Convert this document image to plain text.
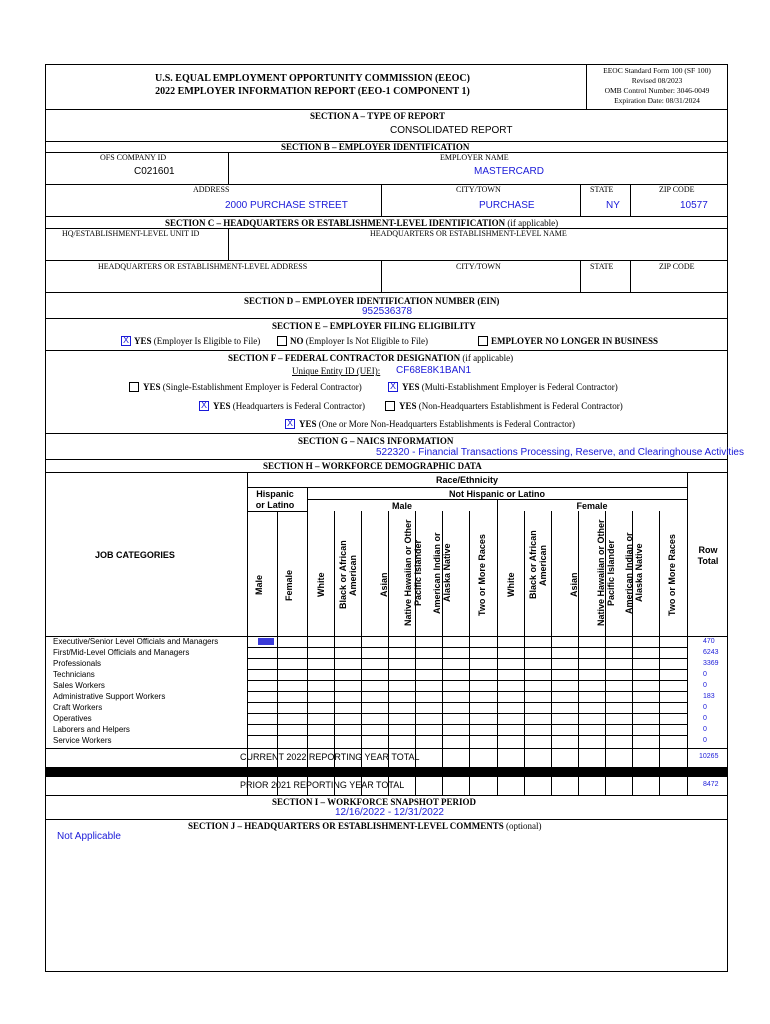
U.S. EQUAL EMPLOYMENT OPPORTUNITY COMMISSION (EEOC)
2022 EMPLOYER INFORMATION REPORT (EEO-1 COMPONENT 1)
EEOC Standard Form 100 (SF 100)
Revised 08/2023
OMB Control Number: 3046-0049
Expiration Date: 08/31/2024
SECTION A – TYPE OF REPORT
CONSOLIDATED REPORT
SECTION B – EMPLOYER IDENTIFICATION
OFS COMPANY ID
C021601
EMPLOYER NAME
MASTERCARD
ADDRESS
2000 PURCHASE STREET
CITY/TOWN
PURCHASE
STATE
NY
ZIP CODE
10577
SECTION C – HEADQUARTERS OR ESTABLISHMENT-LEVEL IDENTIFICATION (if applicable)
HQ/ESTABLISHMENT-LEVEL UNIT ID	HEADQUARTERS OR ESTABLISHMENT-LEVEL NAME
HEADQUARTERS OR ESTABLISHMENT-LEVEL ADDRESS	CITY/TOWN	STATE	ZIP CODE
SECTION D – EMPLOYER IDENTIFICATION NUMBER (EIN)
952536378
SECTION E – EMPLOYER FILING ELIGIBILITY
X
YES (Employer Is Eligible to File)	NO (Employer Is Not Eligible to File)	EMPLOYER NO LONGER IN BUSINESS
SECTION F – FEDERAL CONTRACTOR DESIGNATION (if applicable)
Unique Entity ID (UEI): CF68E8K1BAN1
YES (Single-Establishment Employer is Federal Contractor)
X	YES (Multi-Establishment Employer is Federal Contractor)
X
YES (Headquarters is Federal Contractor)	YES (Non-Headquarters Establishment is Federal Contractor)
X
YES (One or More Non-Headquarters Establishments is Federal Contractor)
SECTION G – NAICS INFORMATION
522320 - Financial Transactions Processing, Reserve, and Clearinghouse Activities
SECTION H – WORKFORCE DEMOGRAPHIC DATA
Race/Ethnicity
Hispanic or Latino
Not Hispanic or Latino
Male	Female
JOB CATEGORIES	Row Total
Male Female White Black or African American Asian Native Hawaiian or Other Pacific Islander American Indian or Alaska Native	Two or More Races White Black or African American Asian Native Hawaiian or Other Pacific Islander American Indian or Alaska Native	Two or More Races
Executive/Senior Level Officials and Managers
First/Mid-Level Officials and Managers
Professionals
Technicians
Sales Workers
Administrative Support Workers
Craft Workers
Operatives
Laborers and Helpers
Service Workers
470
6243
3369
0
0
183
0
0
0
0
CURRENT 2022 REPORTING YEAR TOTAL	10265
PRIOR 2021 REPORTING YEAR TOTAL	8472
SECTION I – WORKFORCE SNAPSHOT PERIOD
12/16/2022 - 12/31/2022
SECTION J – HEADQUARTERS OR ESTABLISHMENT-LEVEL COMMENTS (optional)
Not Applicable
